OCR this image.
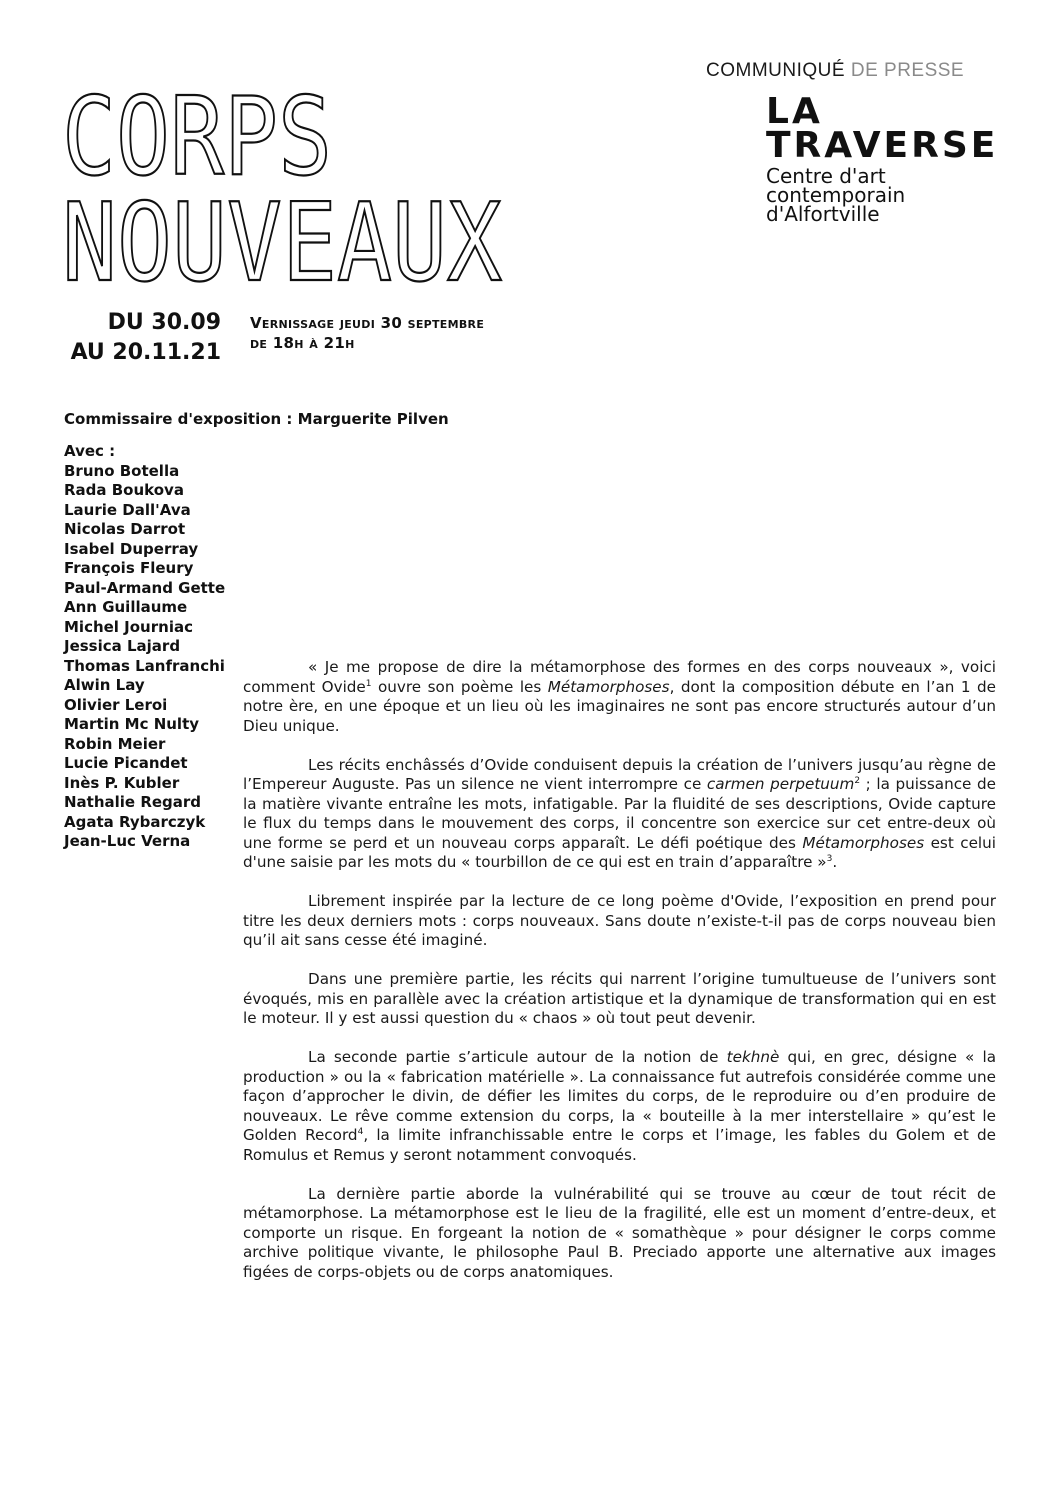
COMMUNIQUÉ DE PRESSE
LA
TRAVERSE
Centre d'art
contemporain
d'Alfortville
CORPS
NOUVEAUX
DU 30.09
AU 20.11.21
Vernissage jeudi 30 septembre
de 18h à 21h
Commissaire d'exposition : Marguerite Pilven
Avec :
Bruno Botella
Rada Boukova
Laurie Dall'Ava
Nicolas Darrot
Isabel Duperray
François Fleury
Paul-Armand Gette
Ann Guillaume
Michel Journiac
Jessica Lajard
Thomas Lanfranchi
Alwin Lay
Olivier Leroi
Martin Mc Nulty
Robin Meier
Lucie Picandet
Inès P. Kubler
Nathalie Regard
Agata Rybarczyk
Jean-Luc Verna

« Je me propose de dire la métamorphose des formes en des corps nouveaux », voici comment Ovide$^1$ ouvre son poème les Métamorphoses, dont la composition débute en l’an 1 de notre ère, en une époque et un lieu où les imaginaires ne sont pas encore structurés autour d’un Dieu unique.

Les récits enchâssés d’Ovide conduisent depuis la création de l’univers jusqu’au règne de l’Empereur Auguste. Pas un silence ne vient interrompre ce carmen perpetuum$^2$ ; la puissance de la matière vivante entraîne les mots, infatigable. Par la fluidité de ses descriptions, Ovide capture le flux du temps dans le mouvement des corps, il concentre son exercice sur cet entre-deux où une forme se perd et un nouveau corps apparaît. Le défi poétique des Métamorphoses est celui d'une saisie par les mots du « tourbillon de ce qui est en train d’apparaître »$^3$.

Librement inspirée par la lecture de ce long poème d'Ovide, l’exposition en prend pour titre les deux derniers mots : corps nouveaux. Sans doute n’existe-t-il pas de corps nouveau bien qu’il ait sans cesse été imaginé.

Dans une première partie, les récits qui narrent l’origine tumultueuse de l’univers sont évoqués, mis en parallèle avec la création artistique et la dynamique de transformation qui en est le moteur. Il y est aussi question du « chaos » où tout peut devenir.

La seconde partie s’articule autour de la notion de tekhnè qui, en grec, désigne « la production » ou la « fabrication matérielle ». La connaissance fut autrefois considérée comme une façon d’approcher le divin, de défier les limites du corps, de le reproduire ou d’en produire de nouveaux. Le rêve comme extension du corps, la « bouteille à la mer interstellaire » qu’est le Golden Record$^4$, la limite infranchissable entre le corps et l’image, les fables du Golem et de Romulus et Remus y seront notamment convoqués.

La dernière partie aborde la vulnérabilité qui se trouve au cœur de tout récit de métamorphose. La métamorphose est le lieu de la fragilité, elle est un moment d’entre-deux, et comporte un risque. En forgeant la notion de « somathèque » pour désigner le corps comme archive politique vivante, le philosophe Paul B. Preciado apporte une alternative aux images figées de corps-objets ou de corps anatomiques.
